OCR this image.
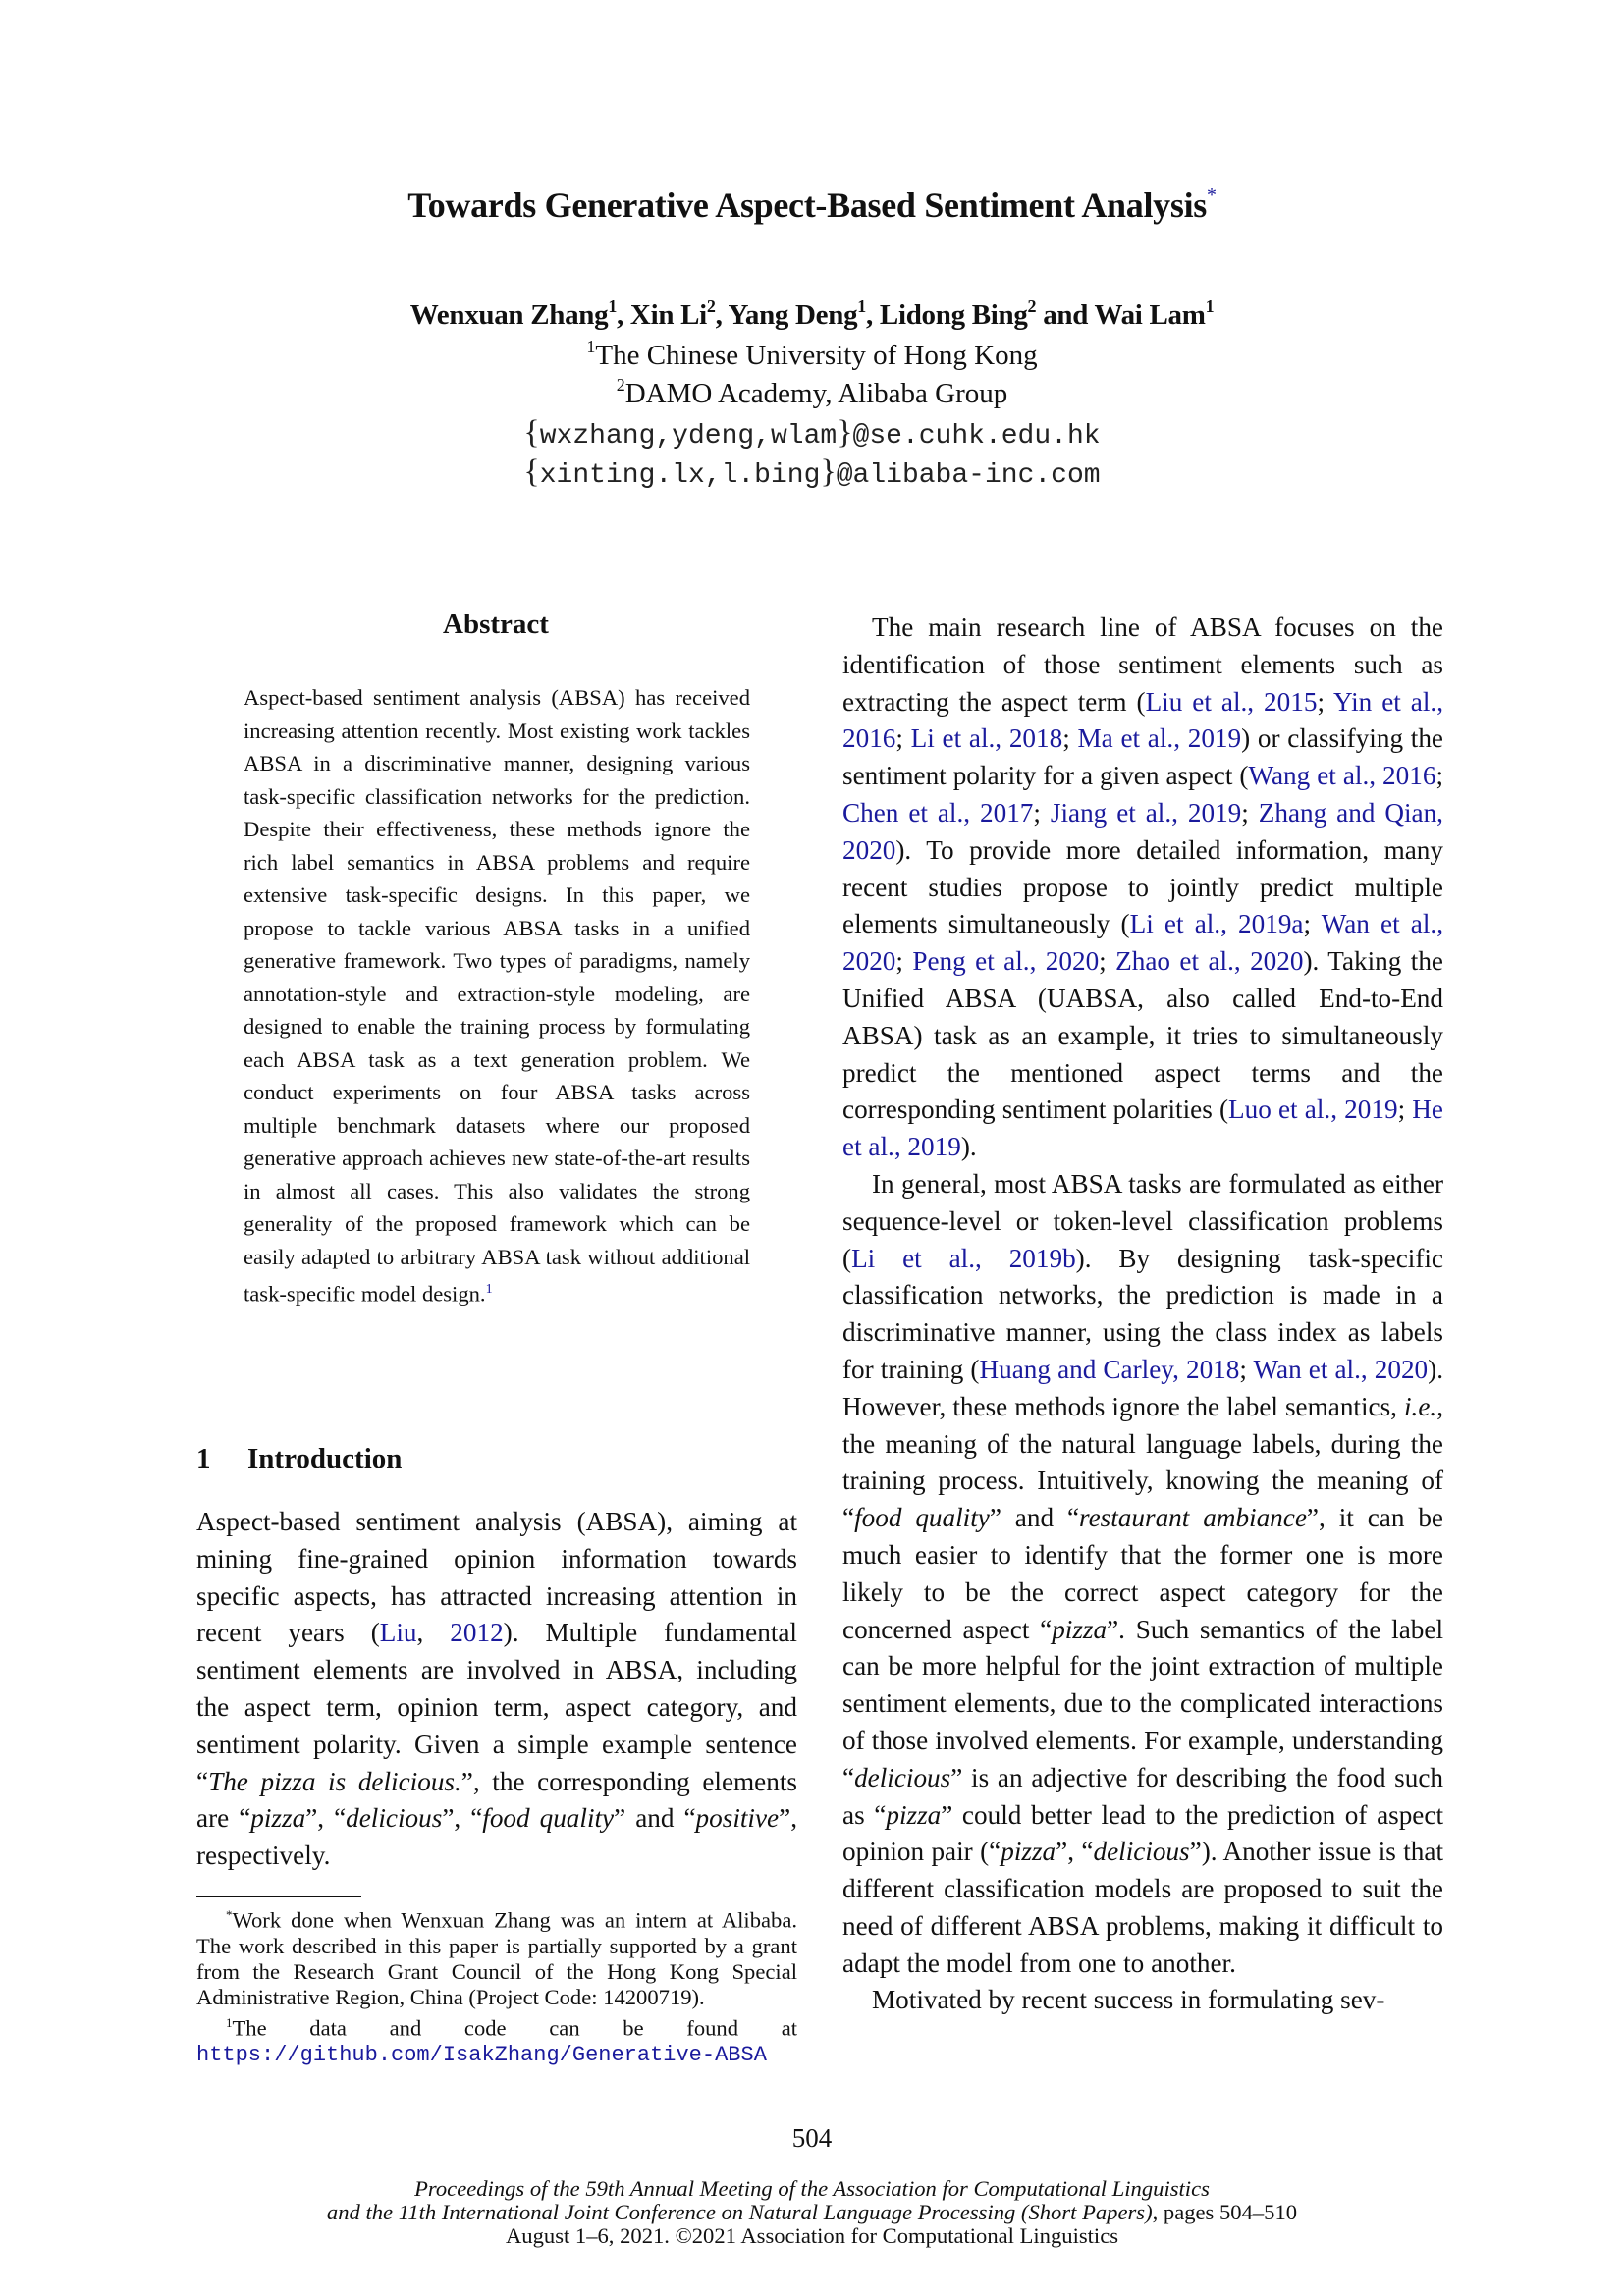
Towards Generative Aspect-Based Sentiment Analysis*
Wenxuan Zhang$^1$, Xin Li$^2$, Yang Deng$^1$, Lidong Bing$^2$ and Wai Lam$^1$
$^1$The Chinese University of Hong Kong
$^2$DAMO Academy, Alibaba Group
{wxzhang,ydeng,wlam}@se.cuhk.edu.hk
{xinting.lx,l.bing}@alibaba-inc.com
Abstract
Aspect-based sentiment analysis (ABSA) has received increasing attention recently. Most existing work tackles ABSA in a discriminative manner, designing various task-specific classification networks for the prediction. Despite their effectiveness, these methods ignore the rich label semantics in ABSA problems and require extensive task-specific designs. In this paper, we propose to tackle various ABSA tasks in a unified generative framework. Two types of paradigms, namely annotation-style and extraction-style modeling, are designed to enable the training process by formulating each ABSA task as a text generation problem. We conduct experiments on four ABSA tasks across multiple benchmark datasets where our proposed generative approach achieves new state-of-the-art results in almost all cases. This also validates the strong generality of the proposed framework which can be easily adapted to arbitrary ABSA task without additional task-specific model design.$^1$
1 Introduction

Aspect-based sentiment analysis (ABSA), aiming at mining fine-grained opinion information towards specific aspects, has attracted increasing attention in recent years (Liu, 2012). Multiple fundamental sentiment elements are involved in ABSA, including the aspect term, opinion term, aspect category, and sentiment polarity. Given a simple example sentence “The pizza is delicious.”, the corresponding elements are “pizza”, “delicious”, “food quality” and “positive”, respectively.

*Work done when Wenxuan Zhang was an intern at Alibaba. The work described in this paper is partially supported by a grant from the Research Grant Council of the Hong Kong Special Administrative Region, China (Project Code: 14200719).

$^1$The data and code can be found at https://github.com/IsakZhang/Generative-ABSA

The main research line of ABSA focuses on the identification of those sentiment elements such as extracting the aspect term (Liu et al., 2015; Yin et al., 2016; Li et al., 2018; Ma et al., 2019) or classifying the sentiment polarity for a given aspect (Wang et al., 2016; Chen et al., 2017; Jiang et al., 2019; Zhang and Qian, 2020). To provide more detailed information, many recent studies propose to jointly predict multiple elements simultaneously (Li et al., 2019a; Wan et al., 2020; Peng et al., 2020; Zhao et al., 2020). Taking the Unified ABSA (UABSA, also called End-to-End ABSA) task as an example, it tries to simultaneously predict the mentioned aspect terms and the corresponding sentiment polarities (Luo et al., 2019; He et al., 2019).

In general, most ABSA tasks are formulated as either sequence-level or token-level classification problems (Li et al., 2019b). By designing task-specific classification networks, the prediction is made in a discriminative manner, using the class index as labels for training (Huang and Carley, 2018; Wan et al., 2020). However, these methods ignore the label semantics, i.e., the meaning of the natural language labels, during the training process. Intuitively, knowing the meaning of “food quality” and “restaurant ambiance”, it can be much easier to identify that the former one is more likely to be the correct aspect category for the concerned aspect “pizza”. Such semantics of the label can be more helpful for the joint extraction of multiple sentiment elements, due to the complicated interactions of those involved elements. For example, understanding “delicious” is an adjective for describing the food such as “pizza” could better lead to the prediction of aspect opinion pair (“pizza”, “delicious”). Another issue is that different classification models are proposed to suit the need of different ABSA problems, making it difficult to adapt the model from one to another.

Motivated by recent success in formulating sev-

504
Proceedings of the 59th Annual Meeting of the Association for Computational Linguistics
and the 11th International Joint Conference on Natural Language Processing (Short Papers), pages 504–510
August 1–6, 2021. ©2021 Association for Computational Linguistics
